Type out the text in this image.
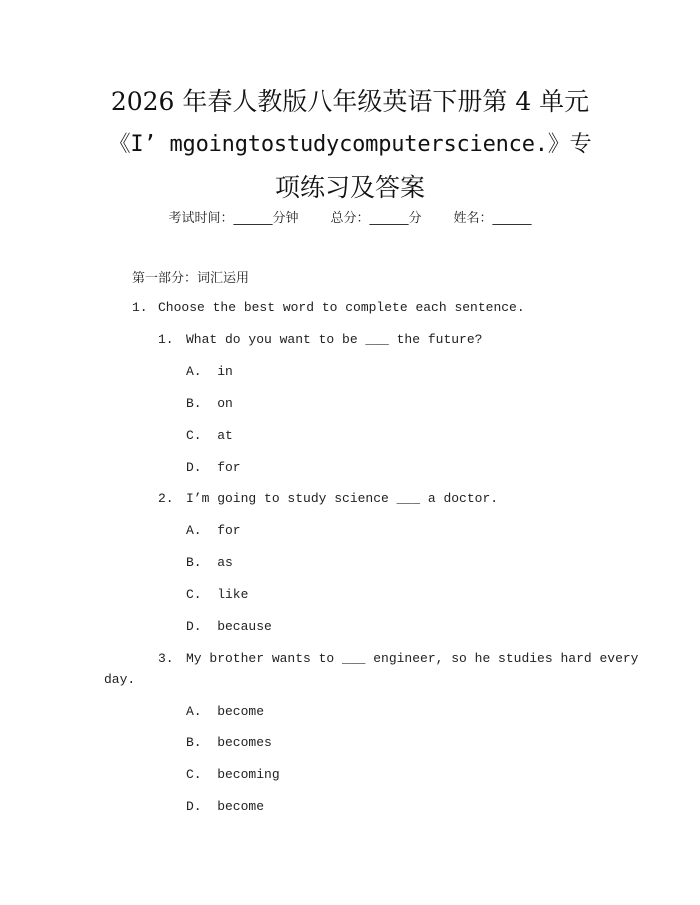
2026 年春人教版八年级英语下册第 4 单元
《I’ mgoingtostudycomputerscience.》专
项练习及答案
考试时间：______分钟 总分：______分 姓名：______
第一部分：词汇运用
1. Choose the best word to complete each sentence.
1. What do you want to be ___ the future?
A.  in
B.  on
C.  at
D.  for
2. I’m going to study science ___ a doctor.
A.  for
B.  as
C.  like
D.  because
3. My brother wants to ___ engineer, so he studies hard every
day.
A.  become
B.  becomes
C.  becoming
D.  become
